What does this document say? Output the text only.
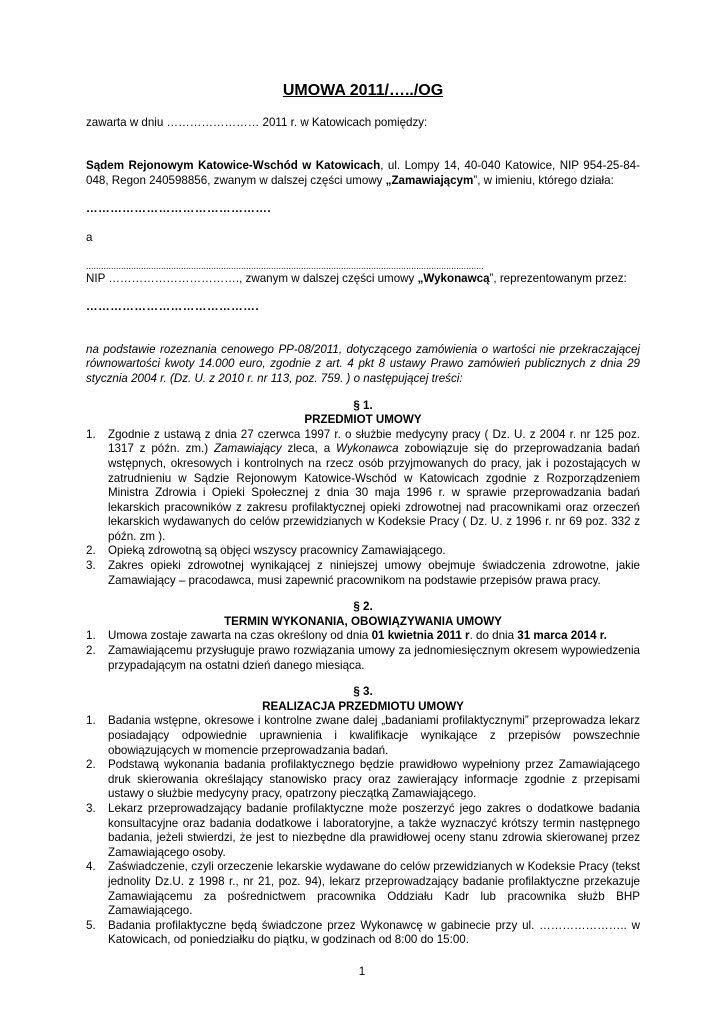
UMOWA 2011/…../OG

zawarta w dniu …………………… 2011 r. w Katowicach pomiędzy:

Sądem Rejonowym Katowice-Wschód w Katowicach, ul. Lompy 14, 40-040 Katowice, NIP 954-25-84-048, Regon 240598856, zwanym w dalszej części umowy „Zamawiającym”, w imieniu, którego działa:

……………………………………….

a

...............................................................................................................................................................

NIP ……………………………., zwanym w dalszej części umowy „Wykonawcą”, reprezentowanym przez:

…………………………………….

na podstawie rozeznania cenowego PP-08/2011, dotyczącego zamówienia o wartości nie przekraczającej równowartości kwoty 14.000 euro, zgodnie z art. 4 pkt 8 ustawy Prawo zamówień publicznych z dnia 29 stycznia 2004 r. (Dz. U. z 2010 r. nr 113, poz. 759. ) o następującej treści:

§ 1.

PRZEDMIOT UMOWY

1. Zgodnie z ustawą z dnia 27 czerwca 1997 r. o służbie medycyny pracy ( Dz. U. z 2004 r. nr 125 poz. 1317 z późn. zm.) Zamawiający zleca, a Wykonawca zobowiązuje się do przeprowadzania badań wstępnych, okresowych i kontrolnych na rzecz osób przyjmowanych do pracy, jak i pozostających w zatrudnieniu w Sądzie Rejonowym Katowice-Wschód w Katowicach zgodnie z Rozporządzeniem Ministra Zdrowia i Opieki Społecznej z dnia 30 maja 1996 r. w sprawie przeprowadzania badań lekarskich pracowników z zakresu profilaktycznej opieki zdrowotnej nad pracownikami oraz orzeczeń lekarskich wydawanych do celów przewidzianych w Kodeksie Pracy ( Dz. U. z 1996 r. nr 69 poz. 332 z późn. zm ).
2. Opieką zdrowotną są objęci wszyscy pracownicy Zamawiającego.
3. Zakres opieki zdrowotnej wynikającej z niniejszej umowy obejmuje świadczenia zdrowotne, jakie Zamawiający – pracodawca, musi zapewnić pracownikom na podstawie przepisów prawa pracy.

§ 2.

TERMIN WYKONANIA, OBOWIĄZYWANIA UMOWY

1. Umowa zostaje zawarta na czas określony od dnia 01 kwietnia 2011 r. do dnia 31 marca 2014 r.
2. Zamawiającemu przysługuje prawo rozwiązania umowy za jednomiesięcznym okresem wypowiedzenia przypadającym na ostatni dzień danego miesiąca.

§ 3.

REALIZACJA PRZEDMIOTU UMOWY

1. Badania wstępne, okresowe i kontrolne zwane dalej „badaniami profilaktycznymi” przeprowadza lekarz posiadający odpowiednie uprawnienia i kwalifikacje wynikające z przepisów powszechnie obowiązujących w momencie przeprowadzania badań.
2. Podstawą wykonania badania profilaktycznego będzie prawidłowo wypełniony przez Zamawiającego druk skierowania określający stanowisko pracy oraz zawierający informacje zgodnie z przepisami ustawy o służbie medycyny pracy, opatrzony pieczątką Zamawiającego.
3. Lekarz przeprowadzający badanie profilaktyczne może poszerzyć jego zakres o dodatkowe badania konsultacyjne oraz badania dodatkowe i laboratoryjne, a także wyznaczyć krótszy termin następnego badania, jeżeli stwierdzi, że jest to niezbędne dla prawidłowej oceny stanu zdrowia skierowanej przez Zamawiającego osoby.
4. Zaświadczenie, czyli orzeczenie lekarskie wydawane do celów przewidzianych w Kodeksie Pracy (tekst jednolity Dz.U. z 1998 r., nr 21, poz. 94), lekarz przeprowadzający badanie profilaktyczne przekazuje Zamawiającemu za pośrednictwem pracownika Oddziału Kadr lub pracownika służb BHP Zamawiającego.
5. Badania profilaktyczne będą świadczone przez Wykonawcę w gabinecie przy ul. ………………….. w Katowicach, od poniedziałku do piątku, w godzinach od 8:00 do 15:00.
1
